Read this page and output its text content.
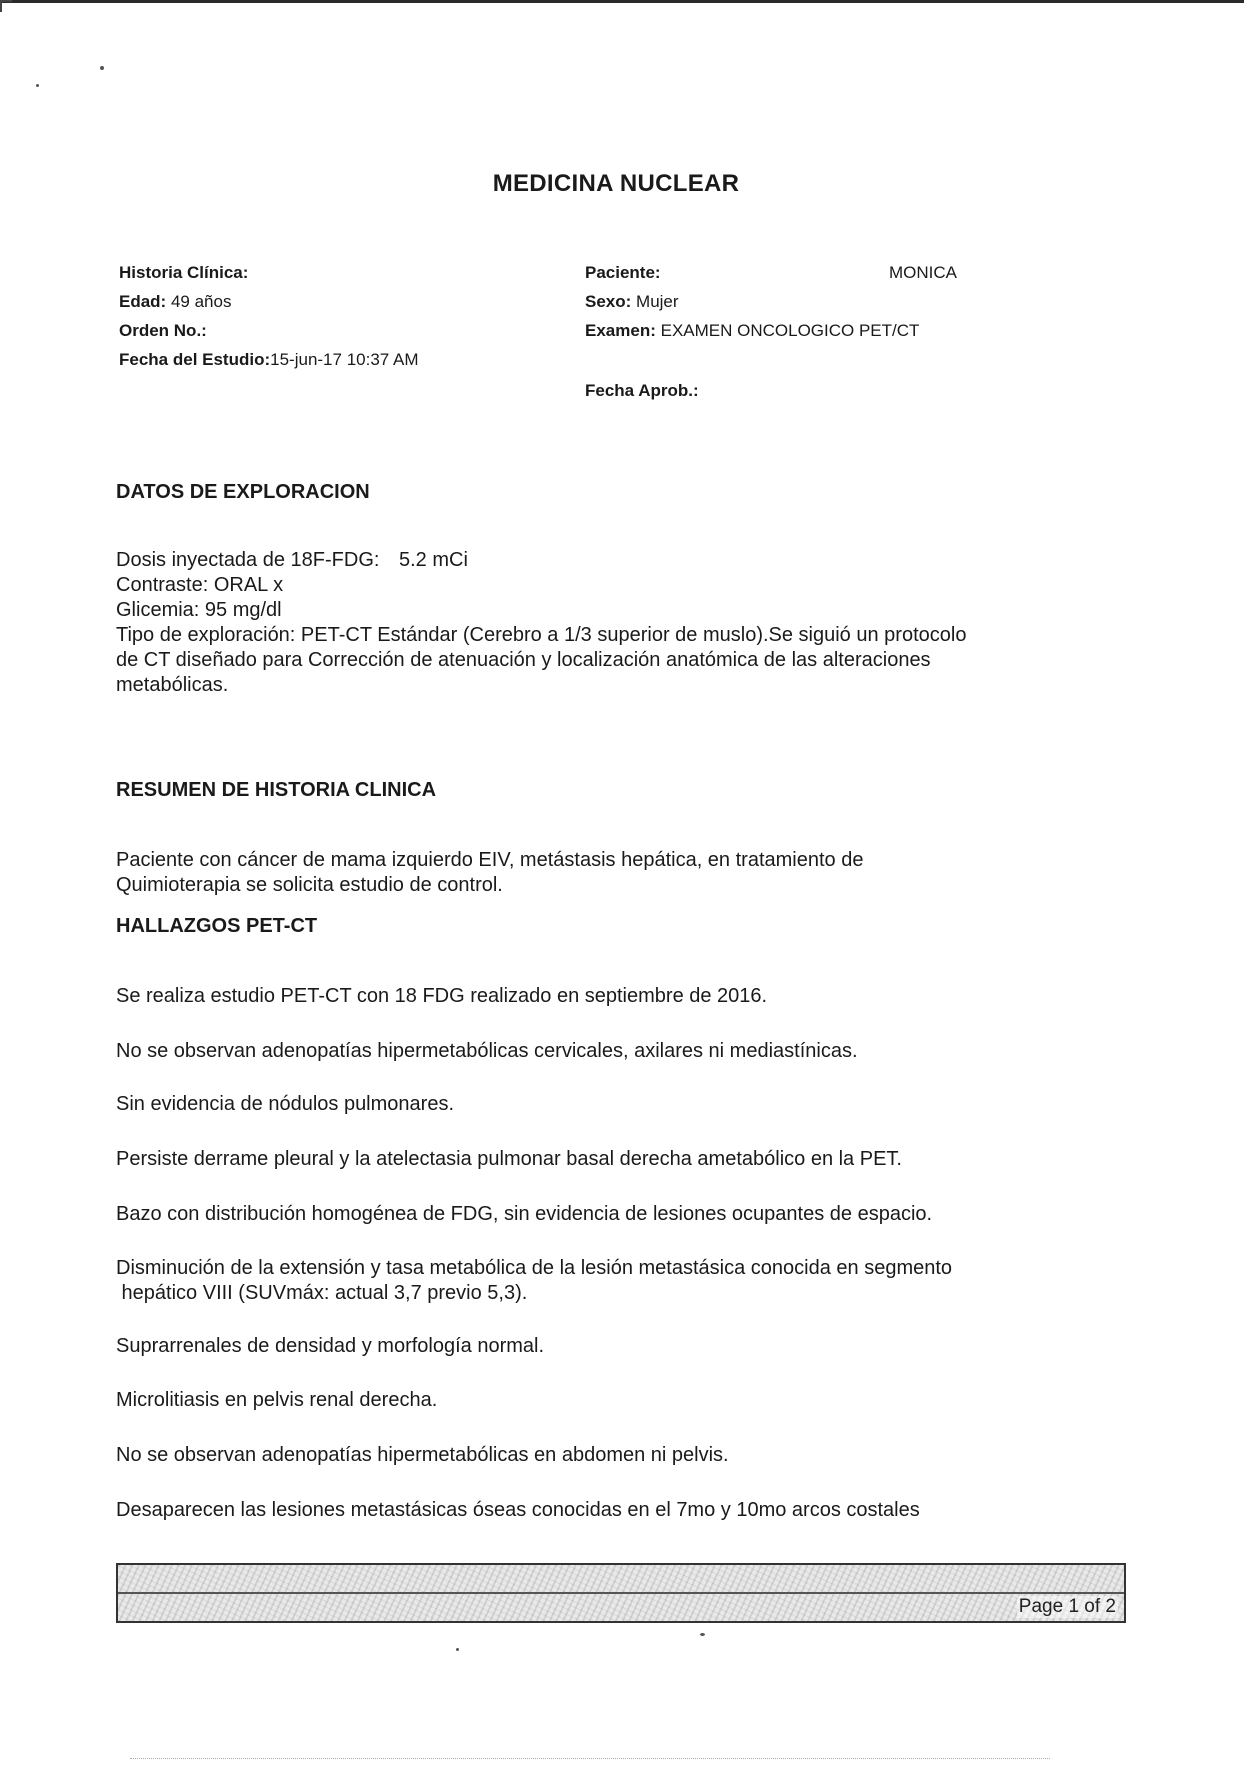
MEDICINA NUCLEAR
Historia Clínica:
Edad: 49 años
Orden No.:
Fecha del Estudio:15-jun-17 10:37 AM
Paciente:	MONICA
Sexo: Mujer
Examen: EXAMEN ONCOLOGICO PET/CT
Fecha Aprob.:
DATOS DE EXPLORACION
Dosis inyectada de 18F-FDG: 5.2 mCi
Contraste: ORAL x
Glicemia: 95 mg/dl
Tipo de exploración: PET-CT Estándar (Cerebro a 1/3 superior de muslo).Se siguió un protocolo
de CT diseñado para Corrección de atenuación y localización anatómica de las alteraciones
metabólicas.
RESUMEN DE HISTORIA CLINICA
Paciente con cáncer de mama izquierdo EIV, metástasis hepática, en tratamiento de
Quimioterapia se solicita estudio de control.
HALLAZGOS PET-CT
Se realiza estudio PET-CT con 18 FDG realizado en septiembre de 2016.
No se observan adenopatías hipermetabólicas cervicales, axilares ni mediastínicas.
Sin evidencia de nódulos pulmonares.
Persiste derrame pleural y la atelectasia pulmonar basal derecha ametabólico en la PET.
Bazo con distribución homogénea de FDG, sin evidencia de lesiones ocupantes de espacio.
Disminución de la extensión y tasa metabólica de la lesión metastásica conocida en segmento
hepático VIII (SUVmáx: actual 3,7 previo 5,3).
Suprarrenales de densidad y morfología normal.
Microlitiasis en pelvis renal derecha.
No se observan adenopatías hipermetabólicas en abdomen ni pelvis.
Desaparecen las lesiones metastásicas óseas conocidas en el 7mo y 10mo arcos costales
Page 1 of 2
